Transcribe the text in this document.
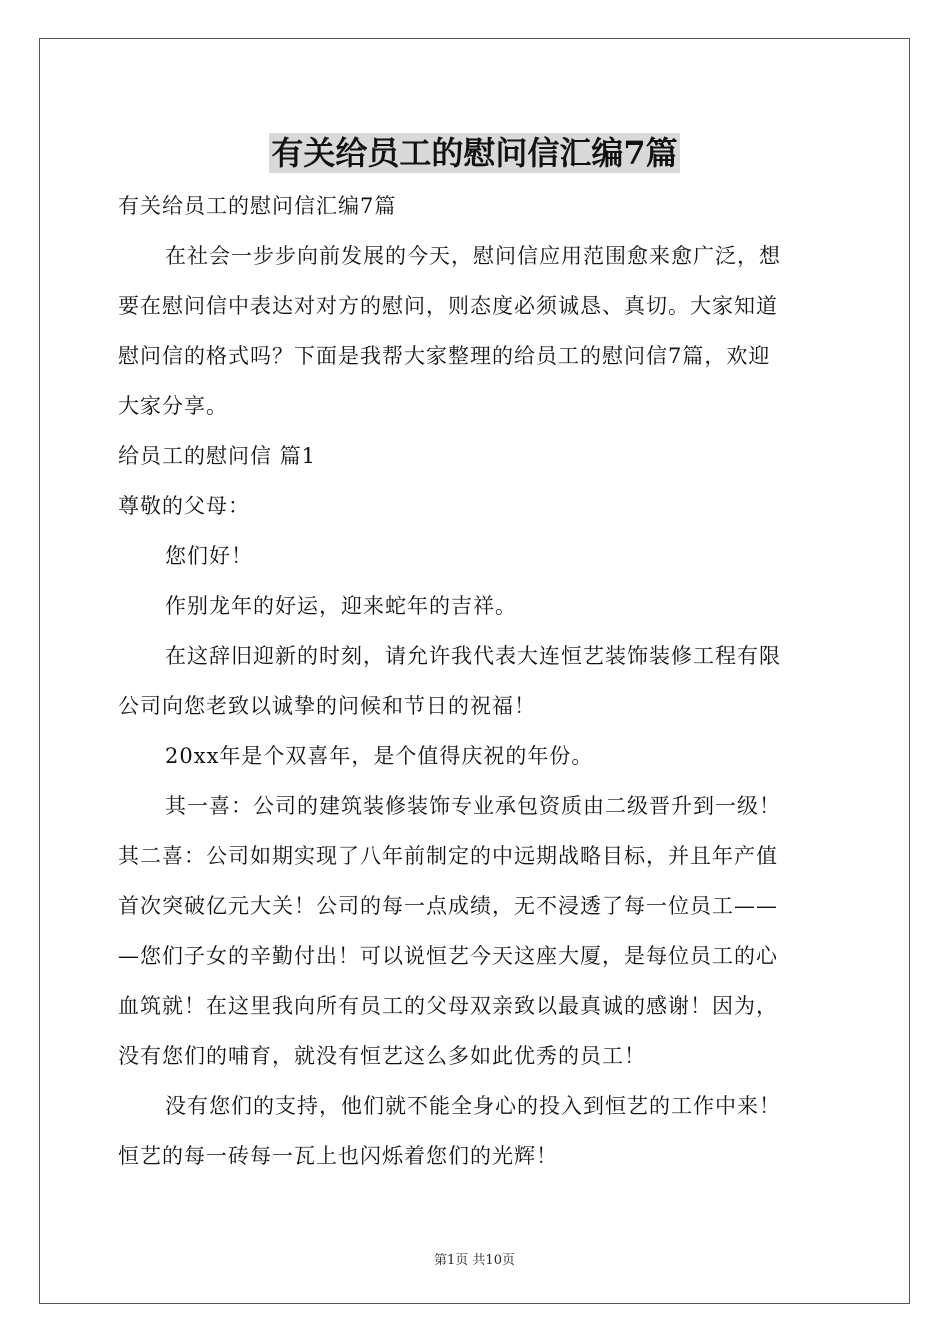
有关给员工的慰问信汇编7篇
有关给员工的慰问信汇编7篇
在社会一步步向前发展的今天，慰问信应用范围愈来愈广泛，想
要在慰问信中表达对对方的慰问，则态度必须诚恳、真切。大家知道
慰问信的格式吗？下面是我帮大家整理的给员工的慰问信7篇，欢迎
大家分享。
给员工的慰问信 篇1
尊敬的父母：
您们好！
作别龙年的好运，迎来蛇年的吉祥。
在这辞旧迎新的时刻，请允许我代表大连恒艺装饰装修工程有限
公司向您老致以诚挚的问候和节日的祝福！
20xx年是个双喜年，是个值得庆祝的年份。
其一喜：公司的建筑装修装饰专业承包资质由二级晋升到一级！
其二喜：公司如期实现了八年前制定的中远期战略目标，并且年产值
首次突破亿元大关！公司的每一点成绩，无不浸透了每一位员工——
—您们子女的辛勤付出！可以说恒艺今天这座大厦，是每位员工的心
血筑就！在这里我向所有员工的父母双亲致以最真诚的感谢！因为，
没有您们的哺育，就没有恒艺这么多如此优秀的员工！
没有您们的支持，他们就不能全身心的投入到恒艺的工作中来！
恒艺的每一砖每一瓦上也闪烁着您们的光辉！
第1页 共10页
